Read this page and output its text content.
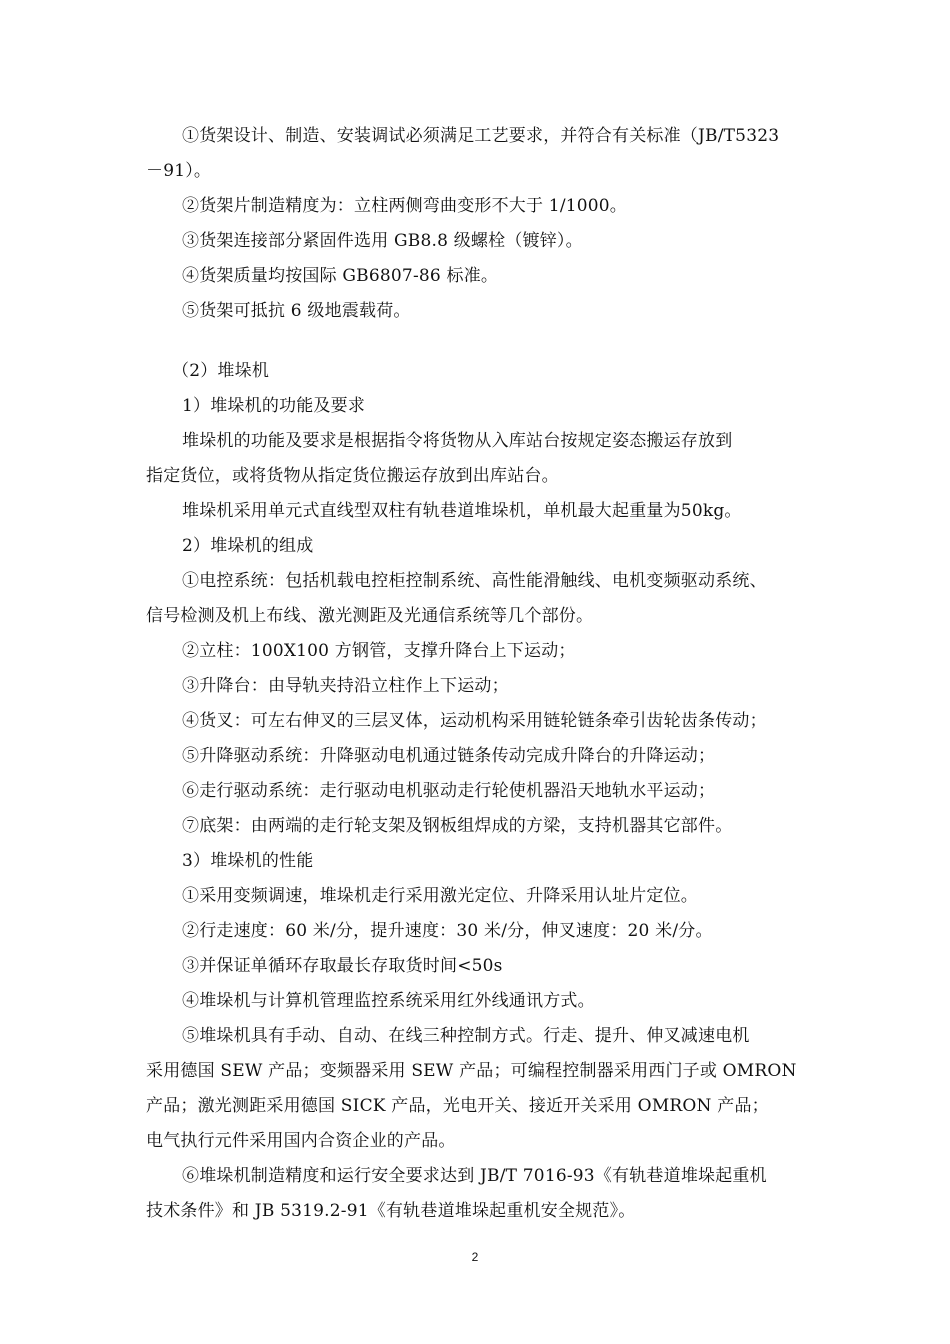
①货架设计、制造、安装调试必须满足工艺要求，并符合有关标准（JB/T5323
－91）。
②货架片制造精度为：立柱两侧弯曲变形不大于 1/1000。
③货架连接部分紧固件选用 GB8.8 级螺栓（镀锌）。
④货架质量均按国际 GB6807-86 标准。
⑤货架可抵抗 6 级地震载荷。
（2）堆垛机
1）堆垛机的功能及要求
堆垛机的功能及要求是根据指令将货物从入库站台按规定姿态搬运存放到
指定货位，或将货物从指定货位搬运存放到出库站台。
堆垛机采用单元式直线型双柱有轨巷道堆垛机，单机最大起重量为50kg。
2）堆垛机的组成
①电控系统：包括机载电控柜控制系统、高性能滑触线、电机变频驱动系统、
信号检测及机上布线、激光测距及光通信系统等几个部份。
②立柱：100X100 方钢管，支撑升降台上下运动；
③升降台：由导轨夹持沿立柱作上下运动；
④货叉：可左右伸叉的三层叉体，运动机构采用链轮链条牵引齿轮齿条传动；
⑤升降驱动系统：升降驱动电机通过链条传动完成升降台的升降运动；
⑥走行驱动系统：走行驱动电机驱动走行轮使机器沿天地轨水平运动；
⑦底架：由两端的走行轮支架及钢板组焊成的方梁，支持机器其它部件。
3）堆垛机的性能
①采用变频调速，堆垛机走行采用激光定位、升降采用认址片定位。
②行走速度：60 米/分，提升速度：30 米/分，伸叉速度：20 米/分。
③并保证单循环存取最长存取货时间<50s
④堆垛机与计算机管理监控系统采用红外线通讯方式。
⑤堆垛机具有手动、自动、在线三种控制方式。行走、提升、伸叉减速电机
采用德国 SEW 产品；变频器采用 SEW 产品；可编程控制器采用西门子或 OMRON
产品；激光测距采用德国 SICK 产品，光电开关、接近开关采用 OMRON 产品；
电气执行元件采用国内合资企业的产品。
⑥堆垛机制造精度和运行安全要求达到 JB/T 7016-93《有轨巷道堆垛起重机
技术条件》和 JB 5319.2-91《有轨巷道堆垛起重机安全规范》。
2
